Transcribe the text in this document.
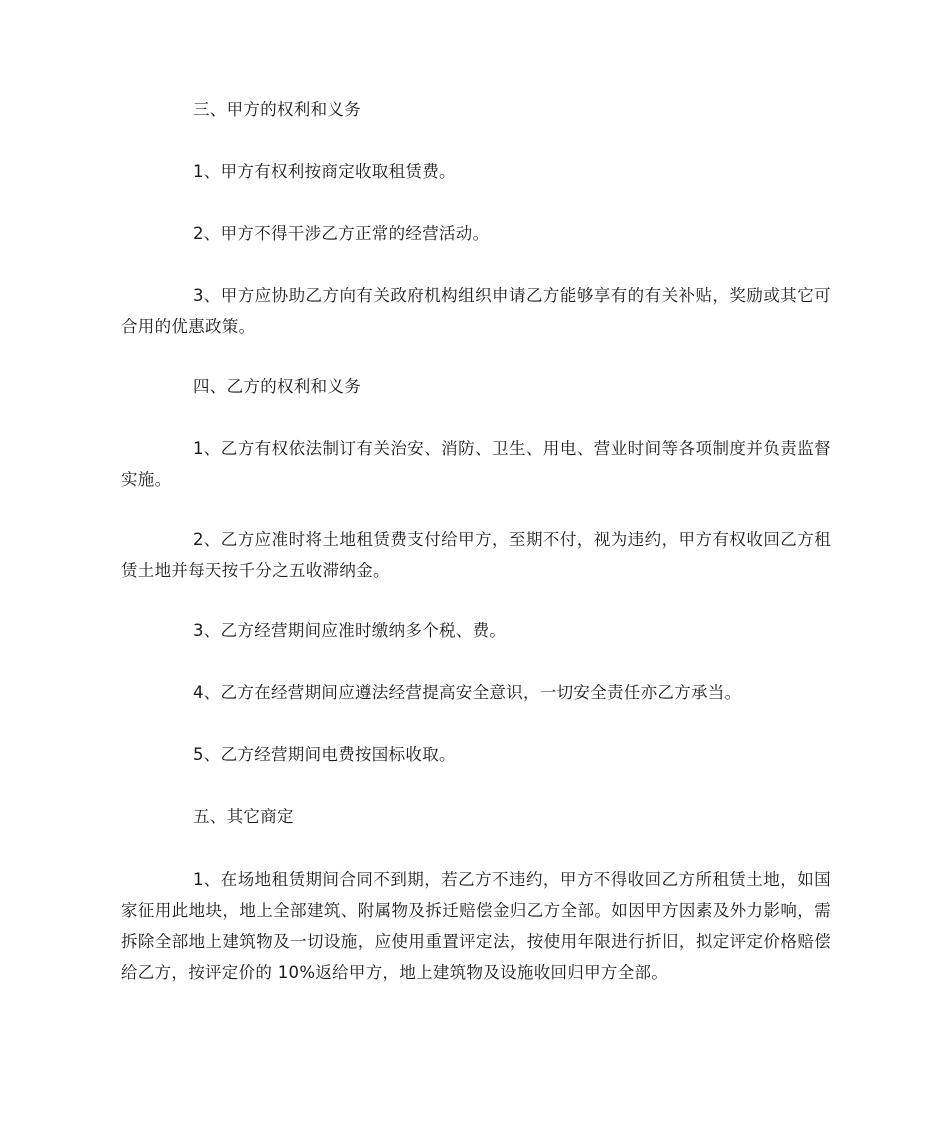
三、甲方的权利和义务

1、甲方有权利按商定收取租赁费。

2、甲方不得干涉乙方正常的经营活动。

3、甲方应协助乙方向有关政府机构组织申请乙方能够享有的有关补贴，奖励或其它可合用的优惠政策。

四、乙方的权利和义务

1、乙方有权依法制订有关治安、消防、卫生、用电、营业时间等各项制度并负责监督实施。

2、乙方应准时将土地租赁费支付给甲方，至期不付，视为违约，甲方有权收回乙方租赁土地并每天按千分之五收滞纳金。

3、乙方经营期间应准时缴纳多个税、费。

4、乙方在经营期间应遵法经营提高安全意识，一切安全责任亦乙方承当。

5、乙方经营期间电费按国标收取。

五、其它商定

1、在场地租赁期间合同不到期，若乙方不违约，甲方不得收回乙方所租赁土地，如国家征用此地块，地上全部建筑、附属物及拆迁赔偿金归乙方全部。如因甲方因素及外力影响，需拆除全部地上建筑物及一切设施，应使用重置评定法，按使用年限进行折旧，拟定评定价格赔偿给乙方，按评定价的 10%返给甲方，地上建筑物及设施收回归甲方全部。
